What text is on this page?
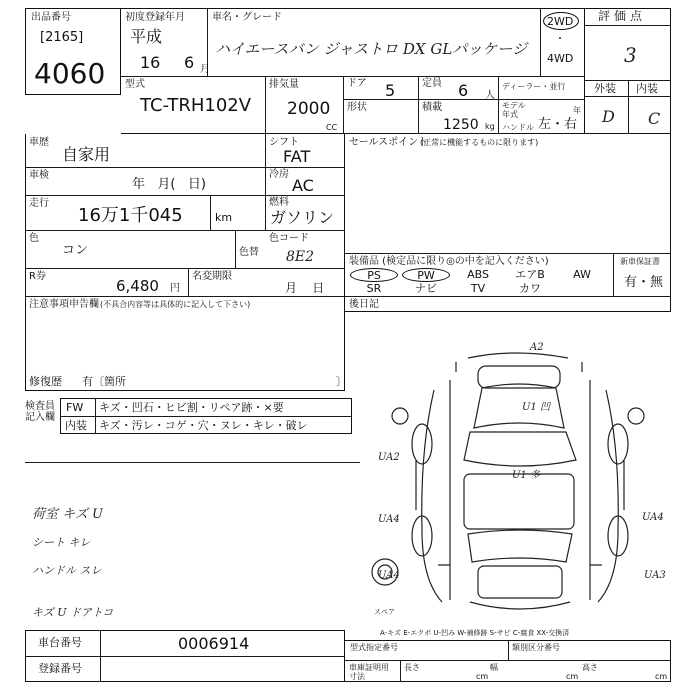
出品番号
[2165]
4060
初度登録年月
平成
16 6 月
車名・グレード
ハイエースバン ジャストロ DX GLパッケージ
2WD
・
4WD
型式
TC-TRH102V
排気量
2000
CC
ドア 5	定員 6 人
ディーラー・並行
形状	積載
1250 kg
モデル年式	年
ハンドル 左・右
評価点
3
外装 内装
D C
車歴
自家用
シフト
FAT
車検
年   月(   日)
冷房
AC
走行
16万1千045	km
燃料
ガソリン
色
コン	色替
色コード
8E2
R券
6,480 円
名変期限
月    日
注意事項申告欄 (不具合内容等は具体的に記入して下さい)
修復歴 有〔箇所	〕
セールスポイント
(正常に機能するものに限ります)
装備品 (検定品に限り◎の中を記入ください)	新車保証書
有・無
PS	PW	ABS	エアB	AW
SR	ナビ	TV	カワ
後日記
検査員記入欄
FW キズ・凹石・ヒビ割・リペア跡・×要
内装 キズ・汚レ・コゲ・穴・ヌレ・キレ・破レ
荷室 キズ U
シート キレ
ハンドル スレ
キズ U ドアトコ
A2
U1 凹
UA2
U1 多
UA4	UA4
UA4	UA3
スペア
A-キズ E-エクボ U-凹み W-補修跡 S-サビ C-腐食 XX-交換済
車台番号	0006914
登録番号
型式指定番号	類別区分番号
車庫証明用 寸法
長さ	幅	高さ
cm	cm	cm
